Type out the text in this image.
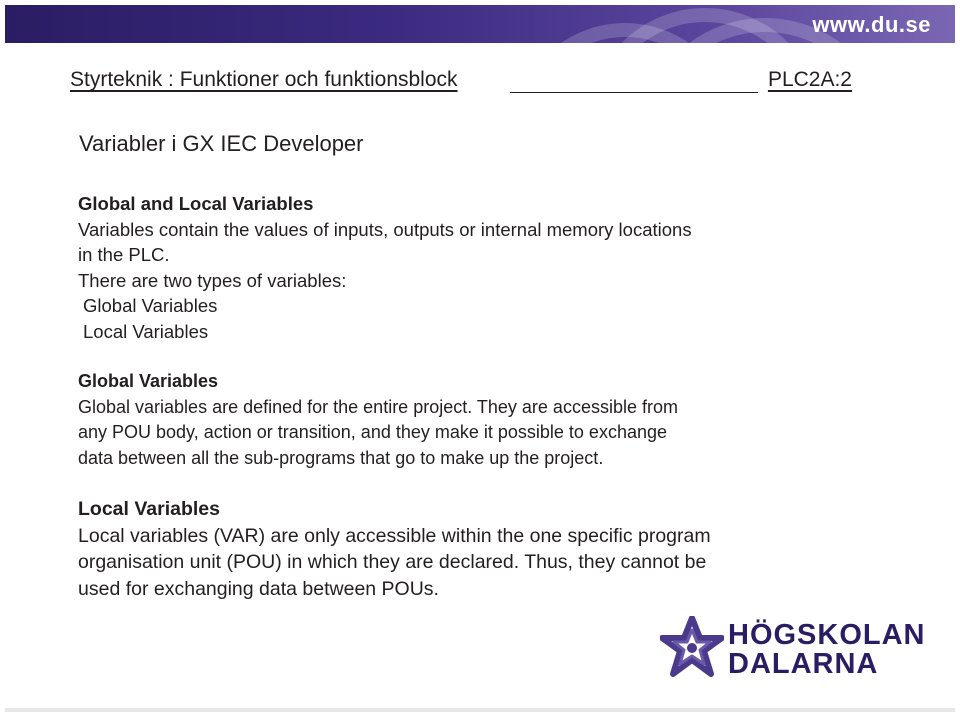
www.du.se
Styrteknik : Funktioner och funktionsblock	PLC2A:2
Variabler i GX IEC Developer

Global and Local Variables

Variables contain the values of inputs, outputs or internal memory locations

in the PLC.

There are two types of variables:

Global Variables

Local Variables

Global Variables

Global variables are defined for the entire project. They are accessible from

any POU body, action or transition, and they make it possible to exchange

data between all the sub-programs that go to make up the project.

Local Variables

Local variables (VAR) are only accessible within the one specific program

organisation unit (POU) in which they are declared. Thus, they cannot be

used for exchanging data between POUs.

HÖGSKOLAN
DALARNA
